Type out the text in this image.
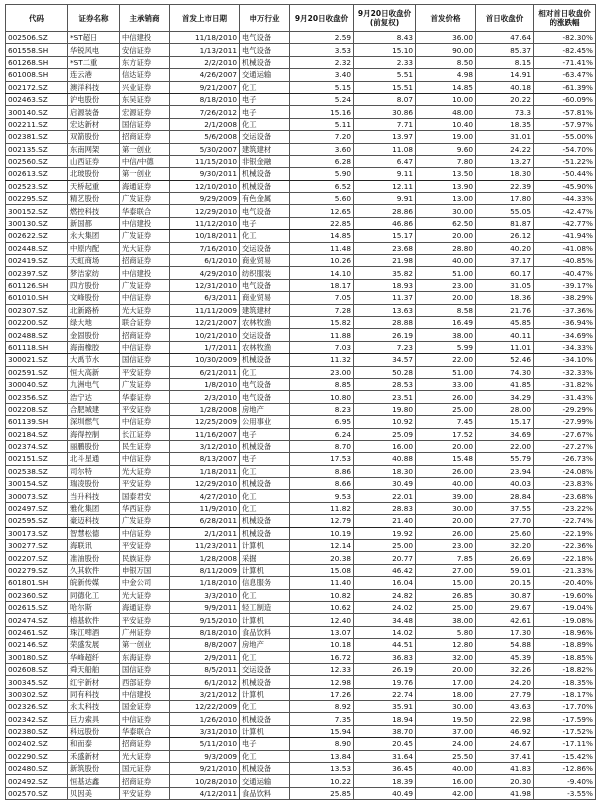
代码	证券名称	主承销商	首发上市日期	申万行业	9月20日收盘价	9月20日收盘价(前复权)	首发价格	首日收盘价	相对首日收盘价的涨跌幅
002506.SZ	*ST超日	中信建投	11/18/2010	电气设备	2.59	8.43	36.00	47.64	-82.30%
601558.SH	华锐风电	安信证券	1/13/2011	电气设备	3.53	15.10	90.00	85.37	-82.45%
601268.SH	*ST二重	东方证券	2/2/2010	机械设备	2.32	2.33	8.50	8.15	-71.41%
601008.SH	连云港	信达证券	4/26/2007	交通运输	3.40	5.51	4.98	14.91	-63.47%
002172.SZ	澳洋科技	兴业证券	9/21/2007	化工	5.15	15.51	14.85	40.18	-61.39%
002463.SZ	沪电股份	东吴证券	8/18/2010	电子	5.24	8.07	10.00	20.22	-60.09%
300140.SZ	启源装备	宏源证券	7/26/2012	电子	15.16	30.86	48.00	73.3	-57.81%
002211.SZ	宏达新材	国信证券	2/1/2008	化工	5.11	7.71	10.40	18.35	-57.97%
002381.SZ	双箭股份	招商证券	5/6/2008	交运设备	7.20	13.97	19.00	31.01	-55.00%
002135.SZ	东南网架	第一创业	5/30/2007	建筑建材	3.60	11.08	9.60	24.22	-54.70%
002560.SZ	山西证券	中信/中德	11/15/2010	非银金融	6.28	6.47	7.80	13.27	-51.22%
002613.SZ	北玻股份	第一创业	9/30/2011	机械设备	5.90	9.11	13.50	18.30	-50.44%
002523.SZ	天桥起重	海通证券	12/10/2010	机械设备	6.52	12.11	13.90	22.39	-45.90%
002295.SZ	精艺股份	广发证券	9/29/2009	有色金属	5.60	9.91	13.00	17.80	-44.33%
300152.SZ	燃控科技	华泰联合	12/29/2010	电气设备	12.65	28.86	30.00	55.05	-42.47%
300130.SZ	新国都	中信建投	11/12/2010	电子	22.85	46.86	62.50	81.87	-42.77%
002622.SZ	永大集团	广发证券	10/18/2011	化工	14.85	15.17	20.00	26.12	-41.94%
002448.SZ	中原内配	光大证券	7/16/2010	交运设备	11.48	23.68	28.80	40.20	-41.08%
002419.SZ	天虹商场	招商证券	6/1/2010	商业贸易	10.26	21.98	40.00	37.17	-40.85%
002397.SZ	梦洁家纺	中信建投	4/29/2010	纺织服装	14.10	35.82	51.00	60.17	-40.47%
601126.SH	四方股份	广发证券	12/31/2010	电气设备	18.17	18.93	23.00	31.05	-39.17%
601010.SH	文峰股份	中信证券	6/3/2011	商业贸易	7.05	11.37	20.00	18.36	-38.29%
002307.SZ	北新路桥	光大证券	11/11/2009	建筑建材	7.28	13.63	8.58	21.76	-37.36%
002200.SZ	绿大地	联合证券	12/21/2007	农林牧渔	15.82	28.88	16.49	45.85	-36.94%
002488.SZ	金固股份	招商证券	10/21/2010	交运设备	11.88	26.19	38.00	40.11	-34.69%
601118.SH	海南橡胶	中信证券	1/7/2011	农林牧渔	7.03	7.23	5.99	11.01	-34.33%
300021.SZ	大禹节水	国信证券	10/30/2009	机械设备	11.32	34.57	22.00	52.46	-34.10%
002591.SZ	恒大高新	平安证券	6/21/2011	化工	23.00	50.28	51.00	74.30	-32.33%
300040.SZ	九洲电气	广发证券	1/8/2010	电气设备	8.85	28.53	33.00	41.85	-31.82%
002356.SZ	浩宁达	华泰证券	2/3/2010	电气设备	10.80	23.51	26.00	34.29	-31.43%
002208.SZ	合肥城建	平安证券	1/28/2008	房地产	8.23	19.80	25.00	28.00	-29.29%
601139.SH	深圳燃气	中信证券	12/25/2009	公用事业	6.95	10.92	7.45	15.17	-27.99%
002184.SZ	海得控制	长江证券	11/16/2007	电子	6.24	25.09	17.52	34.69	-27.67%
002374.SZ	丽鹏股份	民生证券	3/12/2010	机械设备	8.70	16.00	20.00	22.00	-27.27%
002151.SZ	北斗星通	中信证券	8/13/2007	电子	17.53	40.88	15.48	55.79	-26.73%
002538.SZ	司尔特	光大证券	1/18/2011	化工	8.86	18.30	26.00	23.94	-24.08%
300154.SZ	瑞凌股份	平安证券	12/29/2010	机械设备	8.66	30.49	40.00	40.03	-23.83%
300073.SZ	当升科技	国泰君安	4/27/2010	化工	9.53	22.01	39.00	28.84	-23.68%
002497.SZ	雅化集团	华西证券	11/9/2010	化工	11.82	28.83	30.00	37.55	-23.22%
002595.SZ	豪迈科技	广发证券	6/28/2011	机械设备	12.79	21.40	20.00	27.70	-22.74%
300173.SZ	智慧松德	中信证券	2/1/2011	机械设备	10.19	19.92	26.00	25.60	-22.19%
300277.SZ	海联讯	平安证券	11/23/2011	计算机	12.14	25.00	23.00	32.20	-22.36%
002207.SZ	准油股份	民族证券	1/28/2008	采掘	20.38	20.77	7.85	26.69	-22.18%
002279.SZ	久其软件	申银万国	8/11/2009	计算机	15.08	46.42	27.00	59.01	-21.33%
601801.SH	皖新传媒	中金公司	1/18/2010	信息服务	11.40	16.04	15.00	20.15	-20.40%
002360.SZ	同德化工	光大证券	3/3/2010	化工	10.82	24.82	26.85	30.87	-19.60%
002615.SZ	哈尔斯	海通证券	9/9/2011	轻工制造	10.62	24.02	25.00	29.67	-19.04%
002474.SZ	榕基软件	平安证券	9/15/2010	计算机	12.40	34.48	38.00	42.61	-19.08%
002461.SZ	珠江啤酒	广州证券	8/18/2010	食品饮料	13.07	14.02	5.80	17.30	-18.96%
002146.SZ	荣盛发展	第一创业	8/8/2007	房地产	10.18	44.51	12.80	54.88	-18.89%
300180.SZ	华峰超纤	东海证券	2/9/2011	化工	16.72	36.83	32.00	45.39	-18.85%
002608.SZ	舜天船舶	国信证券	8/5/2011	交运设备	12.33	26.19	20.00	32.26	-18.82%
300345.SZ	红宇新材	西部证券	6/1/2012	机械设备	12.98	19.76	17.00	24.20	-18.35%
300302.SZ	同有科技	中信建投	3/21/2012	计算机	17.26	22.74	18.00	27.79	-18.17%
002326.SZ	永太科技	国金证券	12/22/2009	化工	8.92	35.91	30.00	43.63	-17.70%
002342.SZ	巨力索具	中信证券	1/26/2010	机械设备	7.35	18.94	19.50	22.98	-17.59%
002380.SZ	科远股份	华泰联合	3/31/2010	计算机	15.94	38.70	37.00	46.92	-17.52%
002402.SZ	和而泰	招商证券	5/11/2010	电子	8.90	20.45	24.00	24.67	-17.11%
002290.SZ	禾盛新材	光大证券	9/3/2009	化工	13.84	31.64	25.50	37.41	-15.42%
002480.SZ	新筑股份	国元证券	9/21/2010	机械设备	13.53	36.45	40.00	41.83	-12.86%
002492.SZ	恒基达鑫	招商证券	10/28/2010	交通运输	10.22	18.39	16.00	20.30	-9.40%
002570.SZ	贝因美	平安证券	4/12/2011	食品饮料	25.85	40.49	42.00	41.98	-3.55%
